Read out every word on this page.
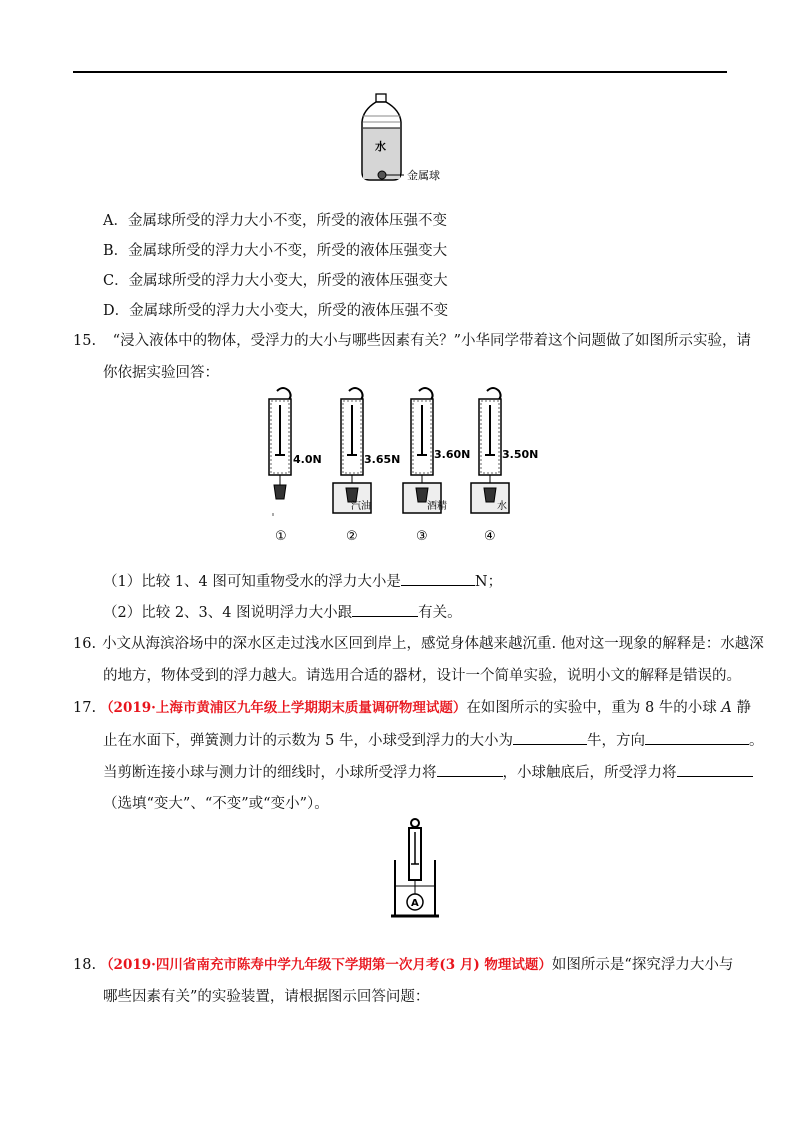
水
金属球
A．金属球所受的浮力大小不变，所受的液体压强不变
B．金属球所受的浮力大小不变，所受的液体压强变大
C．金属球所受的浮力大小变大，所受的液体压强变大
D．金属球所受的浮力大小变大，所受的液体压强不变
15. “浸入液体中的物体，受浮力的大小与哪些因素有关？”小华同学带着这个问题做了如图所示实验，请
你依据实验回答：
4.0N	3.65N
汽油
3.60N
酒精
3.50N
水
①	②	③	④
（1）比较 1、4 图可知重物受水的浮力大小是	N；
（2）比较 2、3、4 图说明浮力大小跟	有关。
16. 小文从海滨浴场中的深水区走过浅水区回到岸上，感觉身体越来越沉重. 他对这一现象的解释是：水越深
的地方，物体受到的浮力越大。请选用合适的器材，设计一个简单实验，说明小文的解释是错误的。
17. （2019·上海市黄浦区九年级上学期期末质量调研物理试题）在如图所示的实验中，重为 8 牛的小球 A 静
止在水面下，弹簧测力计的示数为 5 牛，小球受到浮力的大小为	牛，方向	。
当剪断连接小球与测力计的细线时，小球所受浮力将	，小球触底后，所受浮力将
（选填“变大”、“不变”或“变小”）。
A
18. （2019·四川省南充市陈寿中学九年级下学期第一次月考(3 月) 物理试题）如图所示是“探究浮力大小与
哪些因素有关”的实验装置，请根据图示回答问题：
